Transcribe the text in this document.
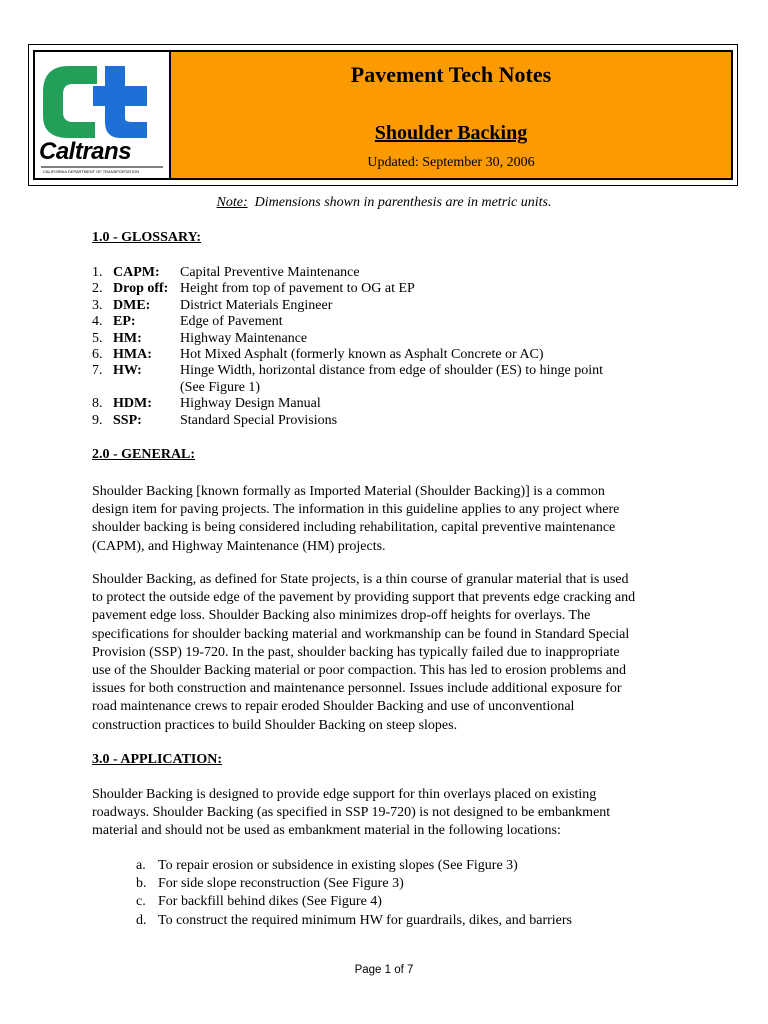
Caltrans
CALIFORNIA DEPARTMENT OF TRANSPORTATION
Pavement Tech Notes
Shoulder Backing
Updated: September 30, 2006
Note:  Dimensions shown in parenthesis are in metric units.
1.0 - GLOSSARY:
1. CAPM: Capital Preventive Maintenance
2. Drop off: Height from top of pavement to OG at EP
3. DME: District Materials Engineer
4. EP:	Edge of Pavement
5. HM:	Highway Maintenance
6. HMA: Hot Mixed Asphalt (formerly known as Asphalt Concrete or AC)
7. HW:	Hinge Width, horizontal distance from edge of shoulder (ES) to hinge point
(See Figure 1)
8. HDM: Highway Design Manual
9. SSP:	Standard Special Provisions
2.0 - GENERAL:
Shoulder Backing [known formally as Imported Material (Shoulder Backing)] is a common
design item for paving projects. The information in this guideline applies to any project where
shoulder backing is being considered including rehabilitation, capital preventive maintenance
(CAPM), and Highway Maintenance (HM) projects.
Shoulder Backing, as defined for State projects, is a thin course of granular material that is used
to protect the outside edge of the pavement by providing support that prevents edge cracking and
pavement edge loss. Shoulder Backing also minimizes drop-off heights for overlays. The
specifications for shoulder backing material and workmanship can be found in Standard Special
Provision (SSP) 19-720. In the past, shoulder backing has typically failed due to inappropriate
use of the Shoulder Backing material or poor compaction. This has led to erosion problems and
issues for both construction and maintenance personnel. Issues include additional exposure for
road maintenance crews to repair eroded Shoulder Backing and use of unconventional
construction practices to build Shoulder Backing on steep slopes.
3.0 - APPLICATION:
Shoulder Backing is designed to provide edge support for thin overlays placed on existing
roadways. Shoulder Backing (as specified in SSP 19-720) is not designed to be embankment
material and should not be used as embankment material in the following locations:
a. To repair erosion or subsidence in existing slopes (See Figure 3)
b. For side slope reconstruction (See Figure 3)
c. For backfill behind dikes (See Figure 4)
d. To construct the required minimum HW for guardrails, dikes, and barriers
Page 1 of 7
